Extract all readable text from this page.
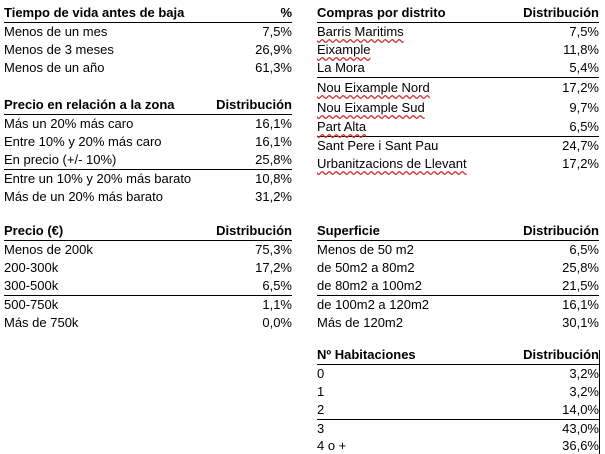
Tiempo de vida antes de baja	%
Menos de un mes	7,5%
Menos de 3 meses	26,9%
Menos de un año	61,3%
Precio en relación a la zona	Distribución
Más un 20% más caro	16,1%
Entre 10% y 20% más caro	16,1%
En precio (+/- 10%)	25,8%
Entre un 10% y 20% más barato	10,8%
Más de un 20% más barato	31,2%
Precio (€)	Distribución
Menos de 200k	75,3%
200-300k	17,2%
300-500k	6,5%
500-750k	1,1%
Más de 750k	0,0%
Compras por distrito	Distribución
Barris Maritims	7,5%
Eixample	11,8%
La Mora	5,4%
Nou Eixample Nord	17,2%
Nou Eixample Sud	9,7%
Part Alta	6,5%
Sant Pere i Sant Pau	24,7%
Urbanitzacions de Llevant	17,2%
Superficie	Distribución
Menos de 50 m2	6,5%
de 50m2 a 80m2	25,8%
de 80m2 a 100m2	21,5%
de 100m2 a 120m2	16,1%
Más de 120m2	30,1%
Nº Habitaciones	Distribución
0	3,2%
1	3,2%
2	14,0%
3	43,0%
4 o +	36,6%
